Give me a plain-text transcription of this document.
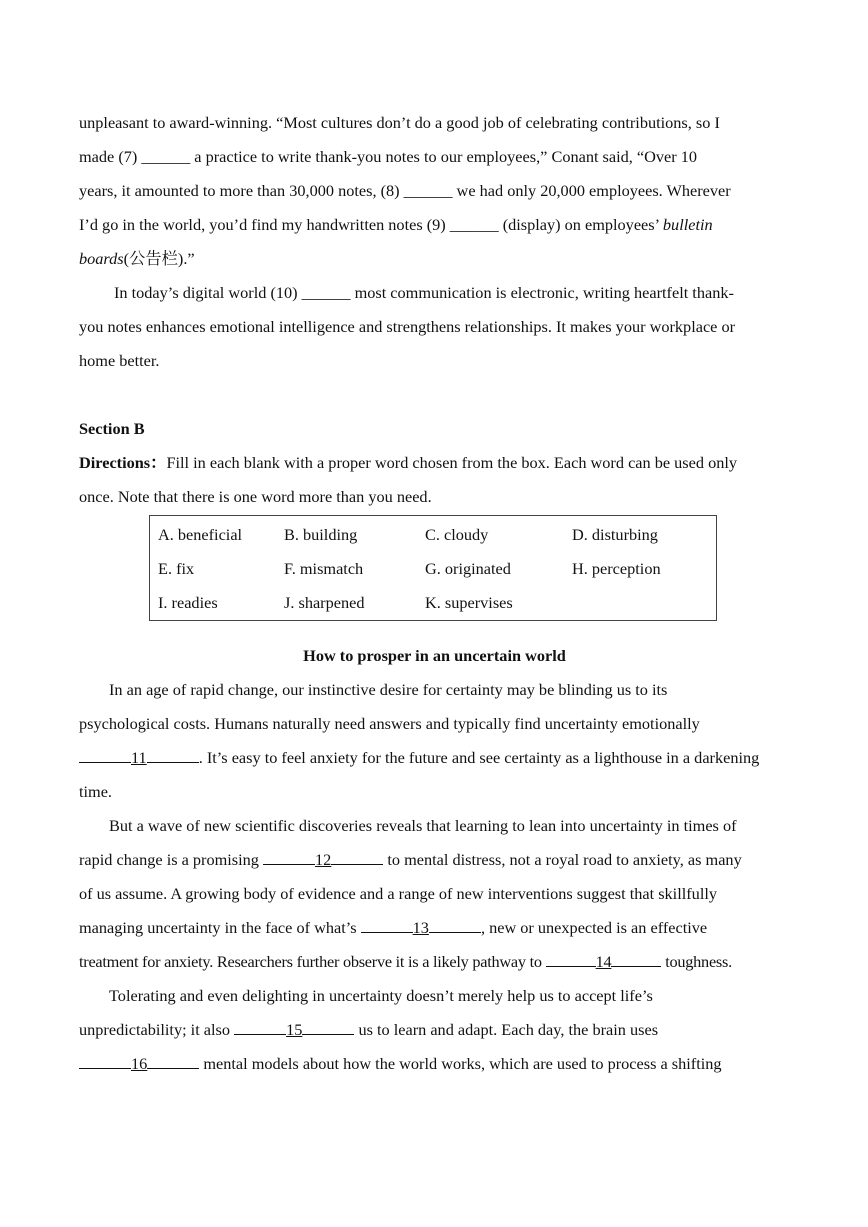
unpleasant to award-winning. “Most cultures don’t do a good job of celebrating contributions, so I

made (7) ______ a practice to write thank-you notes to our employees,” Conant said, “Over 10

years, it amounted to more than 30,000 notes, (8) ______ we had only 20,000 employees. Wherever

I’d go in the world, you’d find my handwritten notes (9) ______ (display) on employees’ bulletin

boards(公告栏).”

In today’s digital world (10) ______ most communication is electronic, writing heartfelt thank-

you notes enhances emotional intelligence and strengthens relationships. It makes your workplace or

home better.

Section B

Directions：Fill in each blank with a proper word chosen from the box. Each word can be used only

once. Note that there is one word more than you need.

A. beneficial	B. building	C. cloudy	D. disturbing
E. fix	F. mismatch	G. originated	H. perception
I. readies	J. sharpened	K. supervises
How to prosper in an uncertain world

In an age of rapid change, our instinctive desire for certainty may be blinding us to its

psychological costs. Humans naturally need answers and typically find uncertainty emotionally

11	. It’s easy to feel anxiety for the future and see certainty as a lighthouse in a darkening

time.

But a wave of new scientific discoveries reveals that learning to lean into uncertainty in times of

rapid change is a promising	12	to mental distress, not a royal road to anxiety, as many

of us assume. A growing body of evidence and a range of new interventions suggest that skillfully

managing uncertainty in the face of what’s	13	, new or unexpected is an effective

treatment for anxiety. Researchers further observe it is a likely pathway to	14	toughness.

Tolerating and even delighting in uncertainty doesn’t merely help us to accept life’s

unpredictability; it also	15	us to learn and adapt. Each day, the brain uses

16	mental models about how the world works, which are used to process a shifting
